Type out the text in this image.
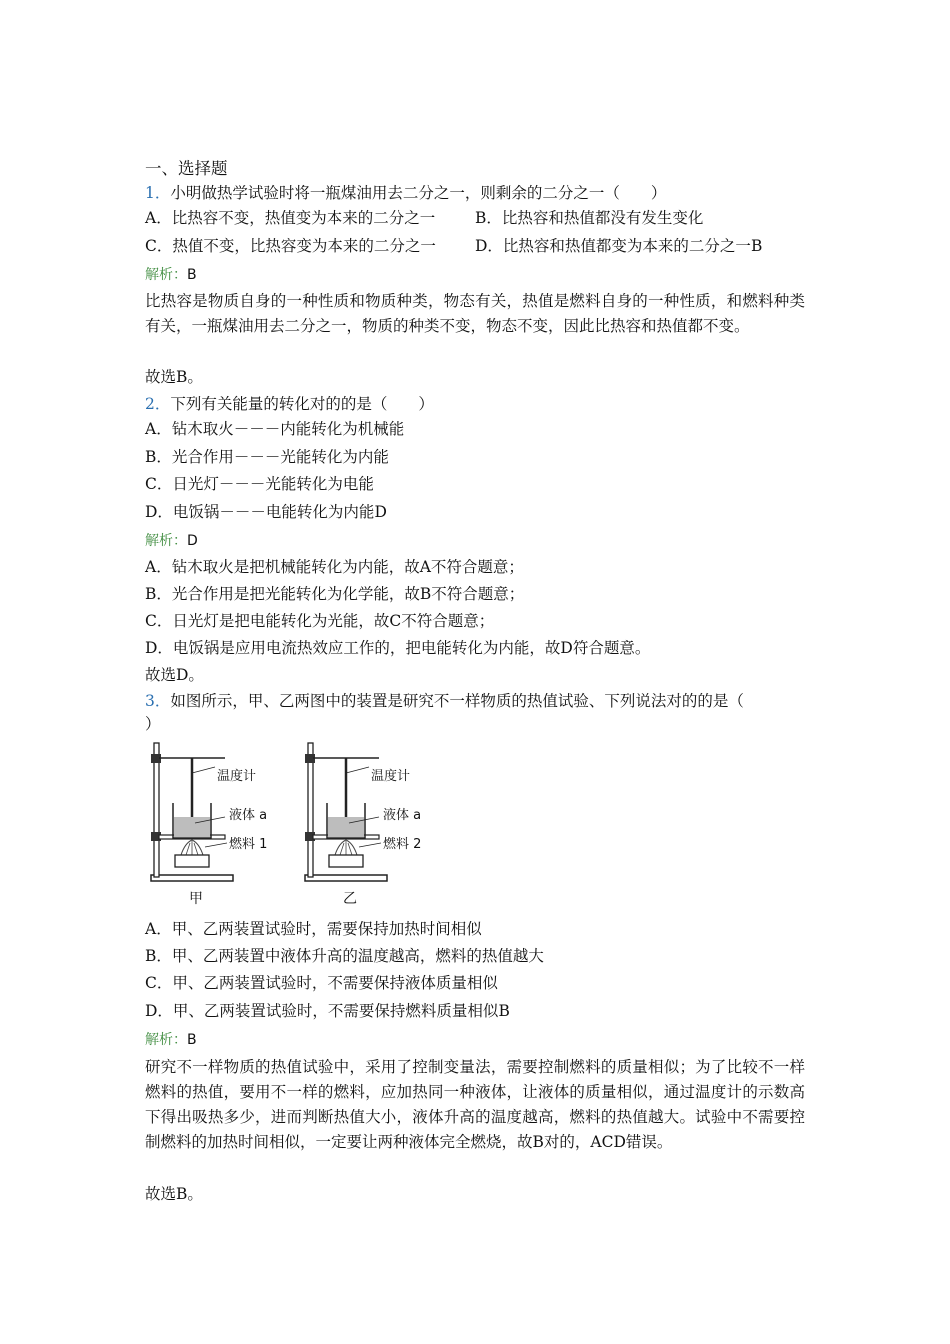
一、选择题
1．小明做热学试验时将一瓶煤油用去二分之一，则剩余的二分之一（　　）
A．比热容不变，热值变为本来的二分之一	B．比热容和热值都没有发生变化
C．热值不变，比热容变为本来的二分之一	D．比热容和热值都变为本来的二分之一B
解析：B
比热容是物质自身的一种性质和物质种类，物态有关，热值是燃料自身的一种性质，和燃料种类有关，一瓶煤油用去二分之一，物质的种类不变，物态不变，因此比热容和热值都不变。
故选B。
2．下列有关能量的转化对的的是（　　）
A．钻木取火－－－内能转化为机械能
B．光合作用－－－光能转化为内能
C．日光灯－－－光能转化为电能
D．电饭锅－－－电能转化为内能D
解析：D
A．钻木取火是把机械能转化为内能，故A不符合题意；
B．光合作用是把光能转化为化学能，故B不符合题意；
C．日光灯是把电能转化为光能，故C不符合题意；
D．电饭锅是应用电流热效应工作的，把电能转化为内能，故D符合题意。
故选D。
3．如图所示，甲、乙两图中的装置是研究不一样物质的热值试验、下列说法对的的是（
）
温度计
液体 a
燃料 1
甲
温度计
液体 a
燃料 2
乙
A．甲、乙两装置试验时，需要保持加热时间相似
B．甲、乙两装置中液体升高的温度越高，燃料的热值越大
C．甲、乙两装置试验时，不需要保持液体质量相似
D．甲、乙两装置试验时，不需要保持燃料质量相似B
解析：B
研究不一样物质的热值试验中，采用了控制变量法，需要控制燃料的质量相似；为了比较不一样燃料的热值，要用不一样的燃料，应加热同一种液体，让液体的质量相似，通过温度计的示数高下得出吸热多少，进而判断热值大小，液体升高的温度越高，燃料的热值越大。试验中不需要控制燃料的加热时间相似，一定要让两种液体完全燃烧，故B对的，ACD错误。
故选B。
